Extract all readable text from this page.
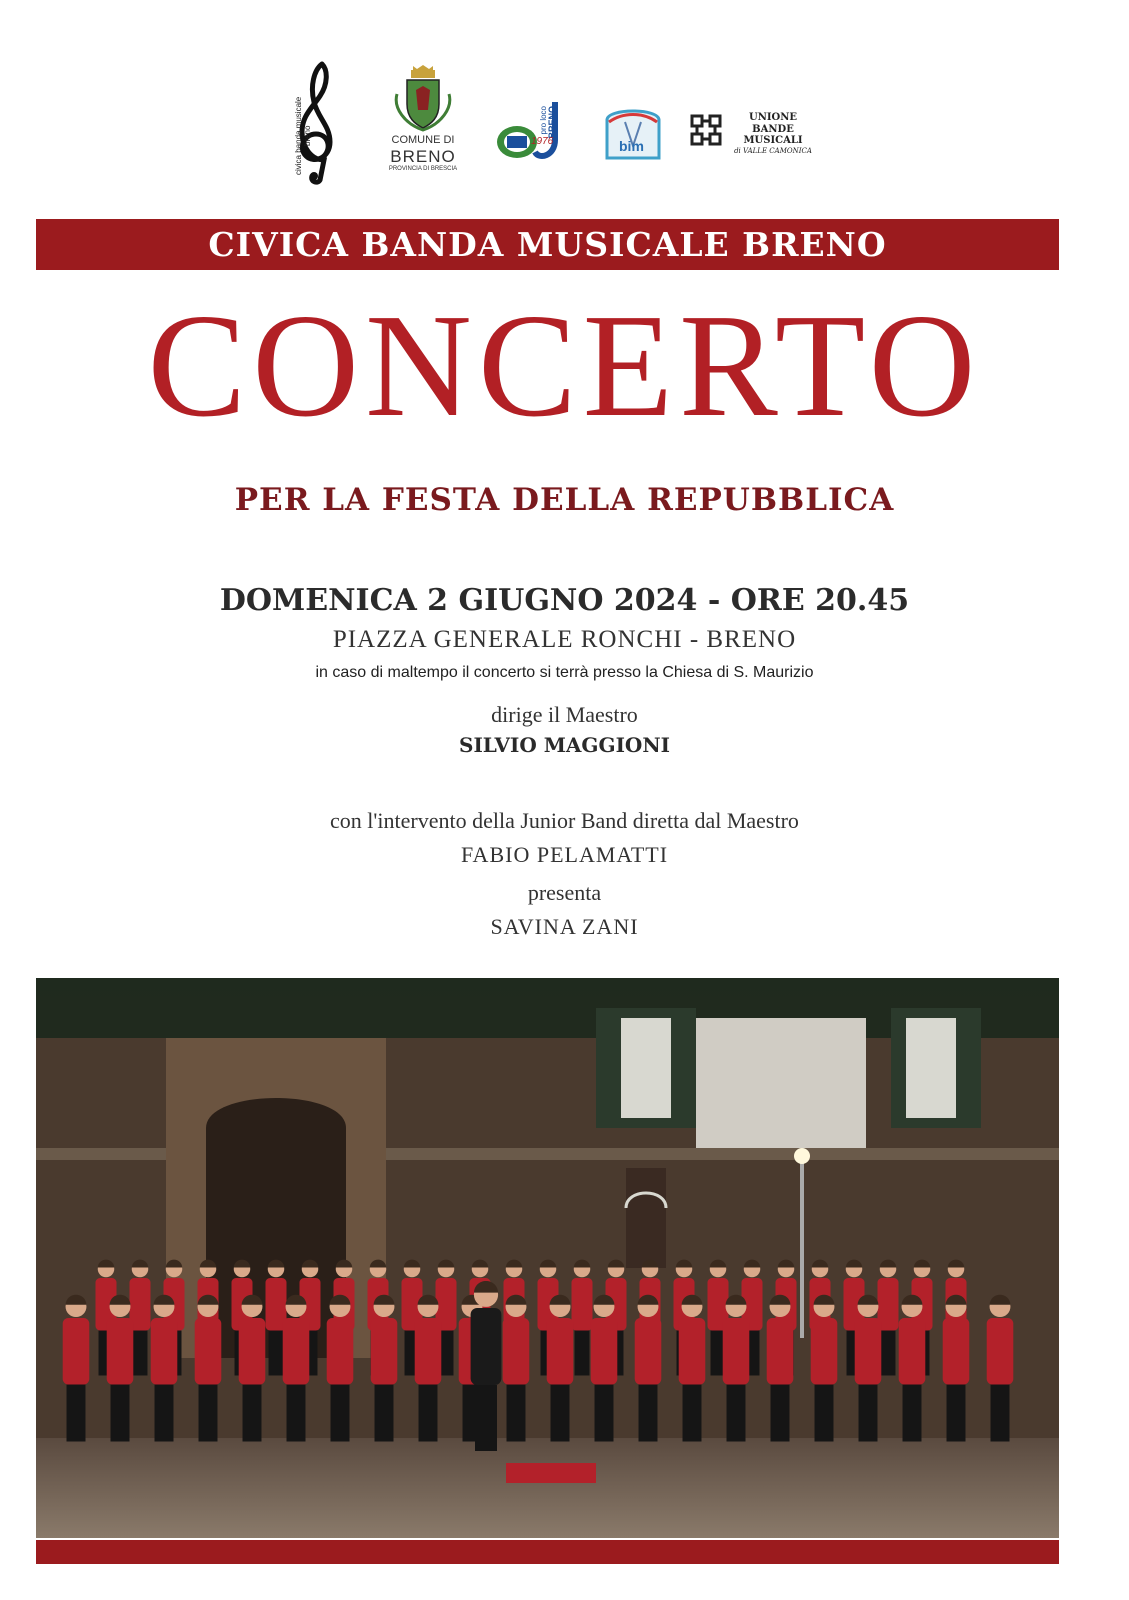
civica banda musicale breno	COMUNE DI
BRENO
PROVINCIA DI BRESCIA
pro loco BRENO
1976	bim
UNIONE BANDE
MUSICALI
di VALLE CAMONICA
CIVICA BANDA MUSICALE BRENO
CONCERTO
PER LA FESTA DELLA REPUBBLICA
DOMENICA 2 GIUGNO 2024 - ORE 20.45
PIAZZA GENERALE RONCHI - BRENO
in caso di maltempo il concerto si terrà presso la Chiesa di S. Maurizio
dirige il Maestro
SILVIO MAGGIONI
con l'intervento della Junior Band diretta dal Maestro
FABIO PELAMATTI
presenta
SAVINA ZANI
